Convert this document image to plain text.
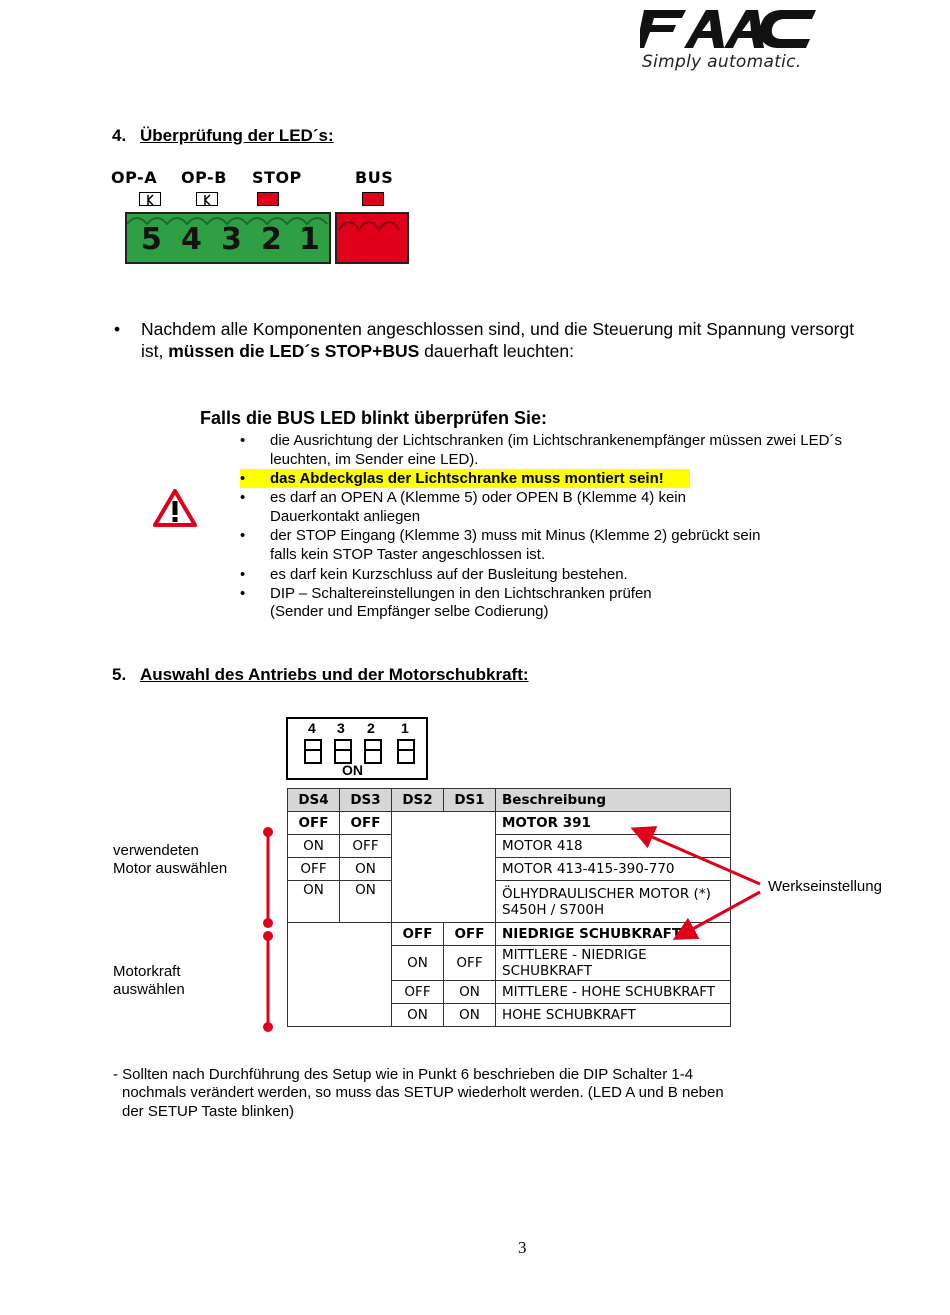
Simply automatic.
4. Überprüfung der LED´s:
OP-A OP-B STOP	BUS
5 4 3 2 1
• Nachdem alle Komponenten angeschlossen sind, und die Steuerung mit Spannung versorgt
ist, müssen die LED´s STOP+BUS dauerhaft leuchten:
Falls die BUS LED blinkt überprüfen Sie:
• die Ausrichtung der Lichtschranken (im Lichtschrankenempfänger müssen zwei LED´s
leuchten, im Sender eine LED).
• das Abdeckglas der Lichtschranke muss montiert sein!
• es darf an OPEN A (Klemme 5) oder OPEN B (Klemme 4) kein
Dauerkontakt anliegen
• der STOP Eingang (Klemme 3) muss mit Minus (Klemme 2) gebrückt sein
falls kein STOP Taster angeschlossen ist.
• es darf kein Kurzschluss auf der Busleitung bestehen.
• DIP – Schaltereinstellungen in den Lichtschranken prüfen
(Sender und Empfänger selbe Codierung)
5. Auswahl des Antriebs und der Motorschubkraft:
4 3 2 1
ON
DS4	DS3	DS2	DS1	Beschreibung
OFF	OFF			MOTOR 391
ON	OFF			MOTOR 418
OFF	ON			MOTOR 413-415-390-770
ON	ON			ÖLHYDRAULISCHER MOTOR (*)
S450H / S700H

		OFF	OFF	NIEDRIGE SCHUBKRAFT
		ON	OFF	MITTLERE - NIEDRIGE SCHUBKRAFT
		OFF	ON	MITTLERE - HOHE SCHUBKRAFT
		ON	ON	HOHE SCHUBKRAFT
verwendeten
Motor auswählen
Motorkraft
auswählen
Werkseinstellung
- Sollten nach Durchführung des Setup wie in Punkt 6 beschrieben die DIP Schalter 1-4
nochmals verändert werden, so muss das SETUP wiederholt werden. (LED A und B neben
der SETUP Taste blinken)
3
